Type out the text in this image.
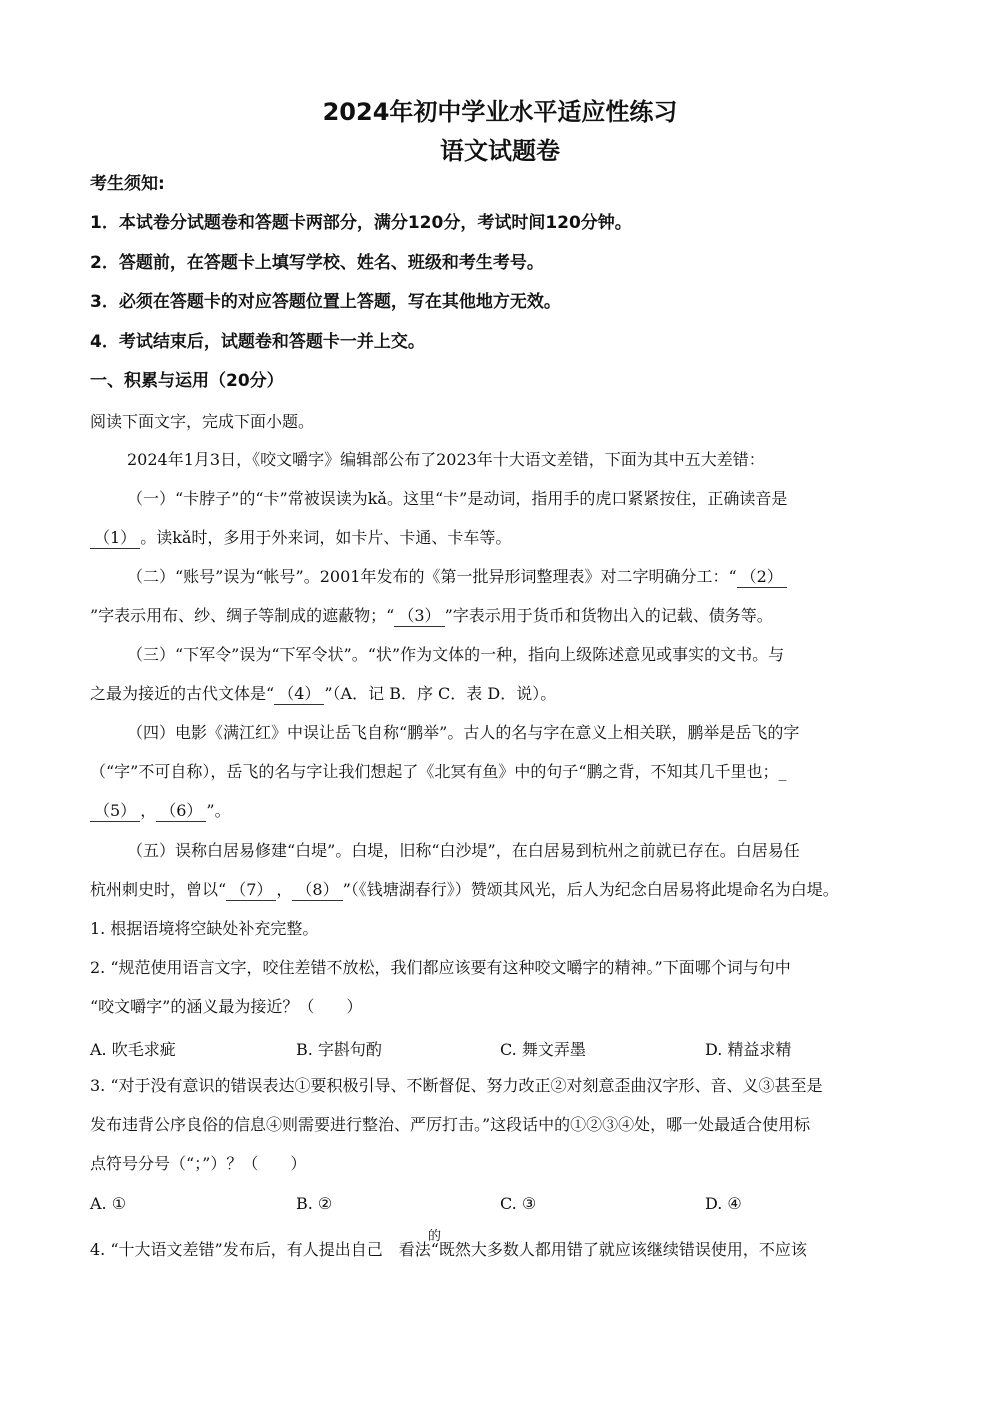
2024年初中学业水平适应性练习
语文试题卷
考生须知:
1．本试卷分试题卷和答题卡两部分，满分120分，考试时间120分钟。
2．答题前，在答题卡上填写学校、姓名、班级和考生考号。
3．必须在答题卡的对应答题位置上答题，写在其他地方无效。
4．考试结束后，试题卷和答题卡一并上交。
一、积累与运用（20分）
阅读下面文字，完成下面小题。
2024年1月3日，《咬文嚼字》编辑部公布了2023年十大语文差错，下面为其中五大差错：
（一）“卡脖子”的“卡”常被误读为kǎ。这里“卡”是动词，指用手的虎口紧紧按住，正确读音是
（1） 。读kǎ时，多用于外来词，如卡片、卡通、卡车等。
（二）“账号”误为“帐号”。2001年发布的《第一批异形词整理表》对二字明确分工：“ （2）
”字表示用布、纱、绸子等制成的遮蔽物；“ （3） ”字表示用于货币和货物出入的记载、债务等。
（三）“下军令”误为“下军令状”。“状”作为文体的一种，指向上级陈述意见或事实的文书。与
之最为接近的古代文体是“ （4） ”（A．记 B．序 C．表 D．说）。
（四）电影《满江红》中误让岳飞自称“鹏举”。古人的名与字在意义上相关联，鹏举是岳飞的字
（“字”不可自称），岳飞的名与字让我们想起了《北冥有鱼》中的句子“鹏之背，不知其几千里也；_
（5） ， （6） ”。
（五）误称白居易修建“白堤”。白堤，旧称“白沙堤”，在白居易到杭州之前就已存在。白居易任
杭州刺史时，曾以“ （7） ， （8） ”（《钱塘湖春行》）赞颂其风光，后人为纪念白居易将此堤命名为白堤。
1. 根据语境将空缺处补充完整。
2. “规范使用语言文字，咬住差错不放松，我们都应该要有这种咬文嚼字的精神。”下面哪个词与句中
“咬文嚼字”的涵义最为接近？（　　）
A. 吹毛求疵	B. 字斟句酌	C. 舞文弄墨	D. 精益求精
3. “对于没有意识的错误表达①要积极引导、不断督促、努力改正②对刻意歪曲汉字形、音、义③甚至是
发布违背公序良俗的信息④则需要进行整治、严厉打击。”这段话中的①②③④处，哪一处最适合使用标
点符号分号（“；”）？（　　）
A. ①	B. ②	C. ③	D. ④
的
4. “十大语文差错”发布后，有人提出自己 看法“既然大多数人都用错了就应该继续错误使用，不应该
